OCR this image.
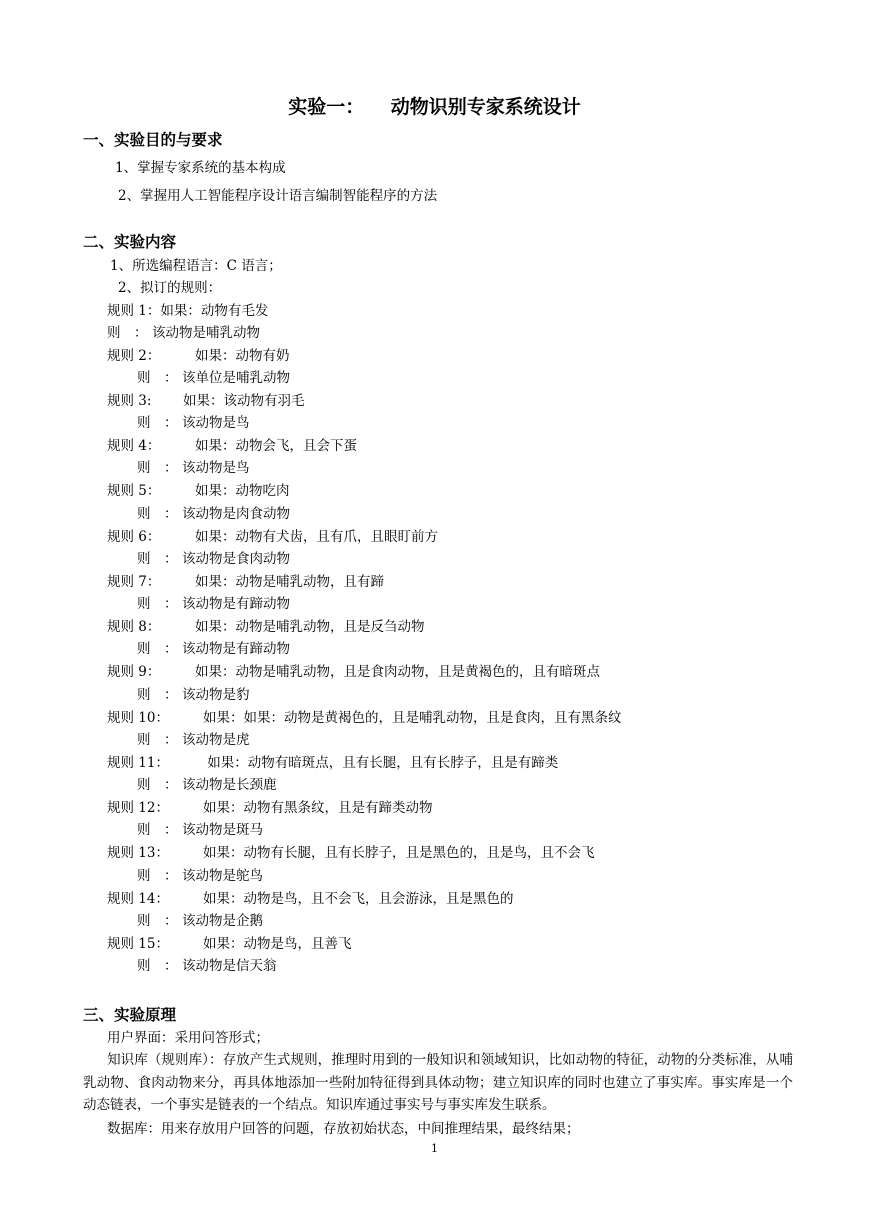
实验一：    动物识别专家系统设计
一、实验目的与要求
1、掌握专家系统的基本构成
2、掌握用人工智能程序设计语言编制智能程序的方法
二、实验内容
1、所选编程语言：C 语言；
2、拟订的规则：
规则 1：如果：动物有毛发
则　： 该动物是哺乳动物
规则 2：	如果：动物有奶
则　： 该单位是哺乳动物
规则 3: 如果：该动物有羽毛
则　： 该动物是鸟
规则 4：	如果：动物会飞，且会下蛋
则　： 该动物是鸟
规则 5：	如果：动物吃肉
则　： 该动物是肉食动物
规则 6：	如果：动物有犬齿，且有爪，且眼盯前方
则　： 该动物是食肉动物
规则 7：	如果：动物是哺乳动物，且有蹄
则　： 该动物是有蹄动物
规则 8：	如果：动物是哺乳动物，且是反刍动物
则　： 该动物是有蹄动物
规则 9：	如果：动物是哺乳动物，且是食肉动物，且是黄褐色的，且有暗斑点
则　： 该动物是豹
规则 10：	如果：如果：动物是黄褐色的，且是哺乳动物，且是食肉，且有黑条纹
则　： 该动物是虎
规则 11：	如果：动物有暗斑点，且有长腿，且有长脖子，且是有蹄类
则　： 该动物是长颈鹿
规则 12：	如果：动物有黑条纹，且是有蹄类动物
则　： 该动物是斑马
规则 13：	如果：动物有长腿，且有长脖子，且是黑色的，且是鸟，且不会飞
则　： 该动物是鸵鸟
规则 14：	如果：动物是鸟，且不会飞，且会游泳，且是黑色的
则　： 该动物是企鹅
规则 15：	如果：动物是鸟，且善飞
则　： 该动物是信天翁
三、实验原理
用户界面：采用问答形式；
知识库（规则库）：存放产生式规则，推理时用到的一般知识和领域知识，比如动物的特征，动物的分类标准，从哺乳动物、食肉动物来分，再具体地添加一些附加特征得到具体动物；建立知识库的同时也建立了事实库。事实库是一个动态链表，一个事实是链表的一个结点。知识库通过事实号与事实库发生联系。
数据库：用来存放用户回答的问题，存放初始状态，中间推理结果，最终结果；
1
